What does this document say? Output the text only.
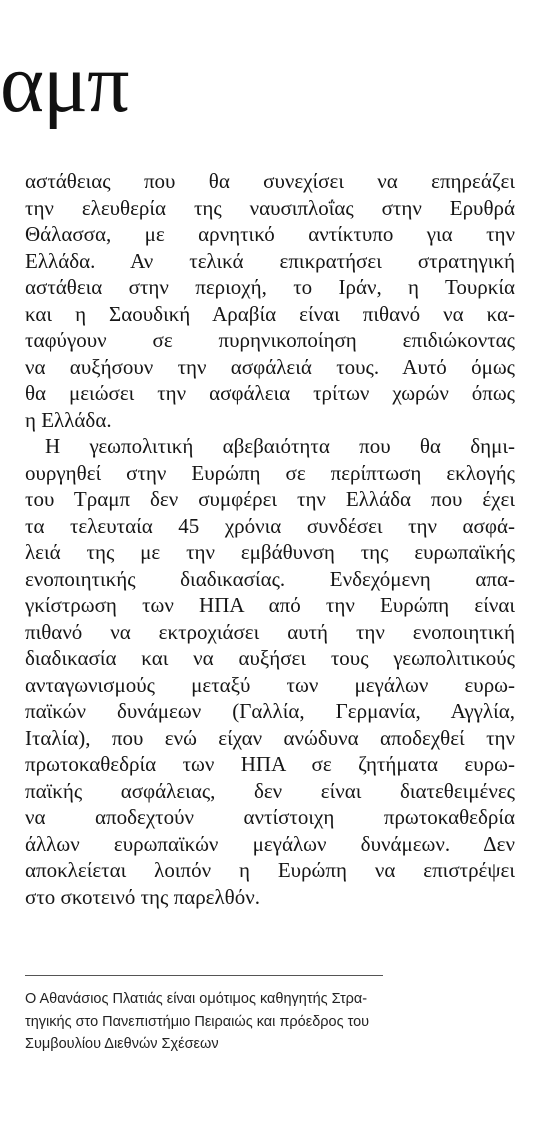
αμπ
αστάθειας που θα συνεχίσει να επηρεάζει
την ελευθερία της ναυσιπλοΐας στην Ερυθρά
Θάλασσα, με αρνητικό αντίκτυπο για την
Ελλάδα. Αν τελικά επικρατήσει στρατηγική
αστάθεια στην περιοχή, το Ιράν, η Τουρκία
και η Σαουδική Αραβία είναι πιθανό να κα-
ταφύγουν σε πυρηνικοποίηση επιδιώκοντας
να αυξήσουν την ασφάλειά τους. Αυτό όμως
θα μειώσει την ασφάλεια τρίτων χωρών όπως
η Ελλάδα.
Η γεωπολιτική αβεβαιότητα που θα δημι-
ουργηθεί στην Ευρώπη σε περίπτωση εκλογής
του Τραμπ δεν συμφέρει την Ελλάδα που έχει
τα τελευταία 45 χρόνια συνδέσει την ασφά-
λειά της με την εμβάθυνση της ευρωπαϊκής
ενοποιητικής διαδικασίας. Ενδεχόμενη απα-
γκίστρωση των ΗΠΑ από την Ευρώπη είναι
πιθανό να εκτροχιάσει αυτή την ενοποιητική
διαδικασία και να αυξήσει τους γεωπολιτικούς
ανταγωνισμούς μεταξύ των μεγάλων ευρω-
παϊκών δυνάμεων (Γαλλία, Γερμανία, Αγγλία,
Ιταλία), που ενώ είχαν ανώδυνα αποδεχθεί την
πρωτοκαθεδρία των ΗΠΑ σε ζητήματα ευρω-
παϊκής ασφάλειας, δεν είναι διατεθειμένες
να αποδεχτούν αντίστοιχη πρωτοκαθεδρία
άλλων ευρωπαϊκών μεγάλων δυνάμεων. Δεν
αποκλείεται λοιπόν η Ευρώπη να επιστρέψει
στο σκοτεινό της παρελθόν.
Ο Αθανάσιος Πλατιάς είναι ομότιμος καθηγητής Στρα-
τηγικής στο Πανεπιστήμιο Πειραιώς και πρόεδρος του
Συμβουλίου Διεθνών Σχέσεων
